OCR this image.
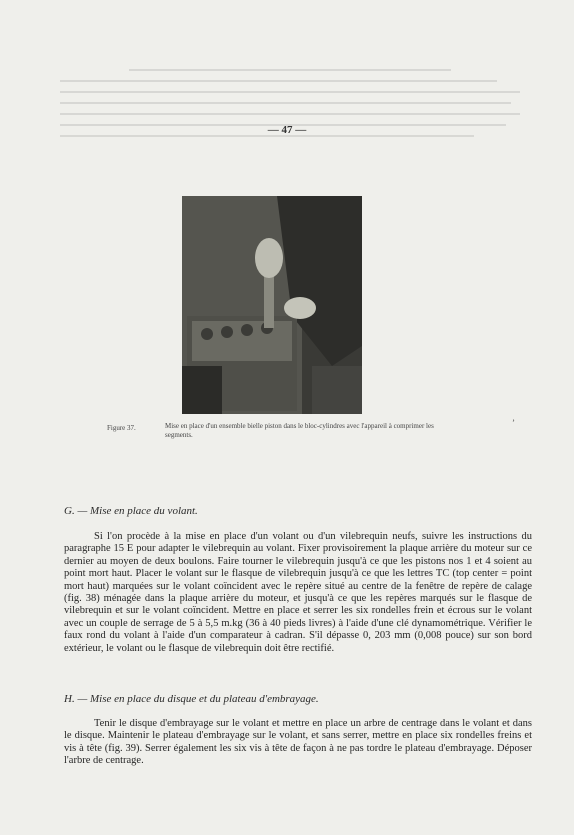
— 47 —
Figure 37.	Mise en place d'un ensemble bielle piston dans le bloc-cylindres avec l'appareil à comprimer les segments.
’
G. — Mise en place du volant.
Si l'on procède à la mise en place d'un volant ou d'un vilebrequin neufs, suivre les instructions du paragraphe 15 E pour adapter le vilebrequin au volant. Fixer provisoirement la plaque arrière du moteur sur ce dernier au moyen de deux boulons. Faire tourner le vilebrequin jusqu'à ce que les pistons nos 1 et 4 soient au point mort haut. Placer le volant sur le flasque de vilebrequin jusqu'à ce que les lettres TC (top center = point mort haut) marquées sur le volant coïncident avec le repère situé au centre de la fenêtre de repère de calage (fig. 38) ménagée dans la plaque arrière du moteur, et jusqu'à ce que les repères marqués sur le flasque de vilebrequin et sur le volant coïncident. Mettre en place et serrer les six rondelles frein et écrous sur le volant avec un couple de serrage de 5 à 5,5 m.kg (36 à 40 pieds livres) à l'aide d'une clé dynamométrique. Vérifier le faux rond du volant à l'aide d'un comparateur à cadran. S'il dépasse 0, 203 mm (0,008 pouce) sur son bord extérieur, le volant ou le flasque de vilebrequin doit être rectifié.
H. — Mise en place du disque et du plateau d'embrayage.
Tenir le disque d'embrayage sur le volant et mettre en place un arbre de centrage dans le volant et dans le disque. Maintenir le plateau d'embrayage sur le volant, et sans serrer, mettre en place six rondelles freins et vis à tête (fig. 39). Serrer également les six vis à tête de façon à ne pas tordre le plateau d'embrayage. Déposer l'arbre de centrage.
